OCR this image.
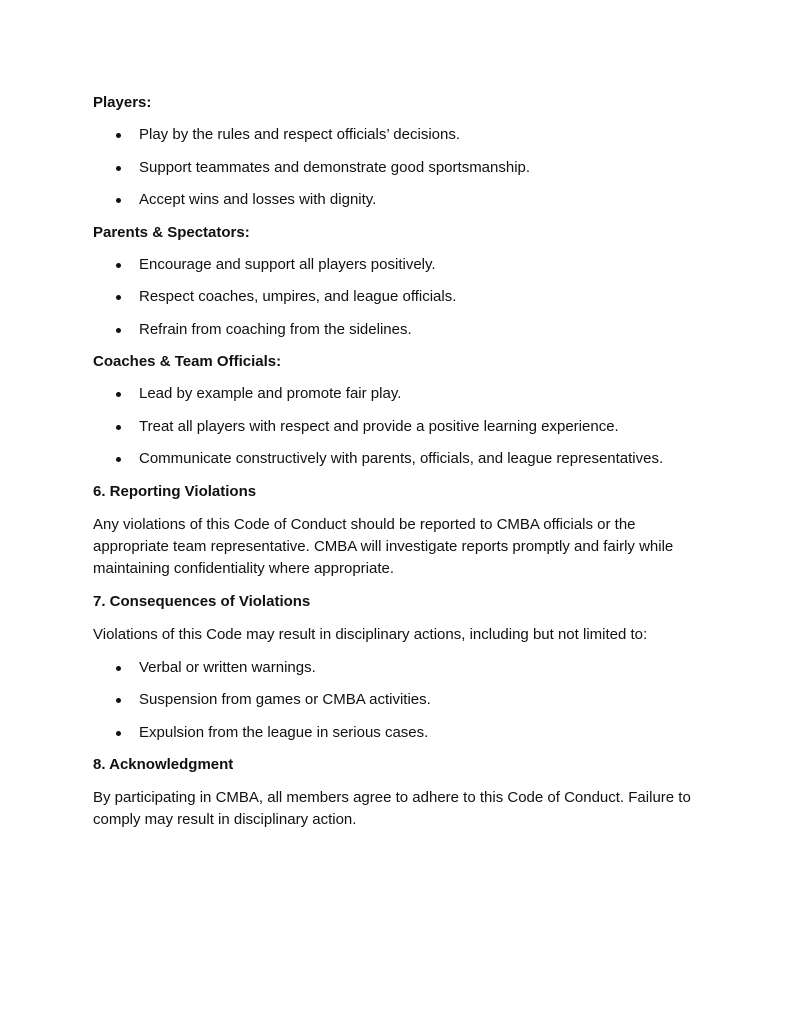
Players:
Play by the rules and respect officials’ decisions.
Support teammates and demonstrate good sportsmanship.
Accept wins and losses with dignity.
Parents & Spectators:
Encourage and support all players positively.
Respect coaches, umpires, and league officials.
Refrain from coaching from the sidelines.
Coaches & Team Officials:
Lead by example and promote fair play.
Treat all players with respect and provide a positive learning experience.
Communicate constructively with parents, officials, and league representatives.
6. Reporting Violations

Any violations of this Code of Conduct should be reported to CMBA officials or the appropriate team representative. CMBA will investigate reports promptly and fairly while maintaining confidentiality where appropriate.

7. Consequences of Violations

Violations of this Code may result in disciplinary actions, including but not limited to:

Verbal or written warnings.
Suspension from games or CMBA activities.
Expulsion from the league in serious cases.
8. Acknowledgment

By participating in CMBA, all members agree to adhere to this Code of Conduct. Failure to comply may result in disciplinary action.
